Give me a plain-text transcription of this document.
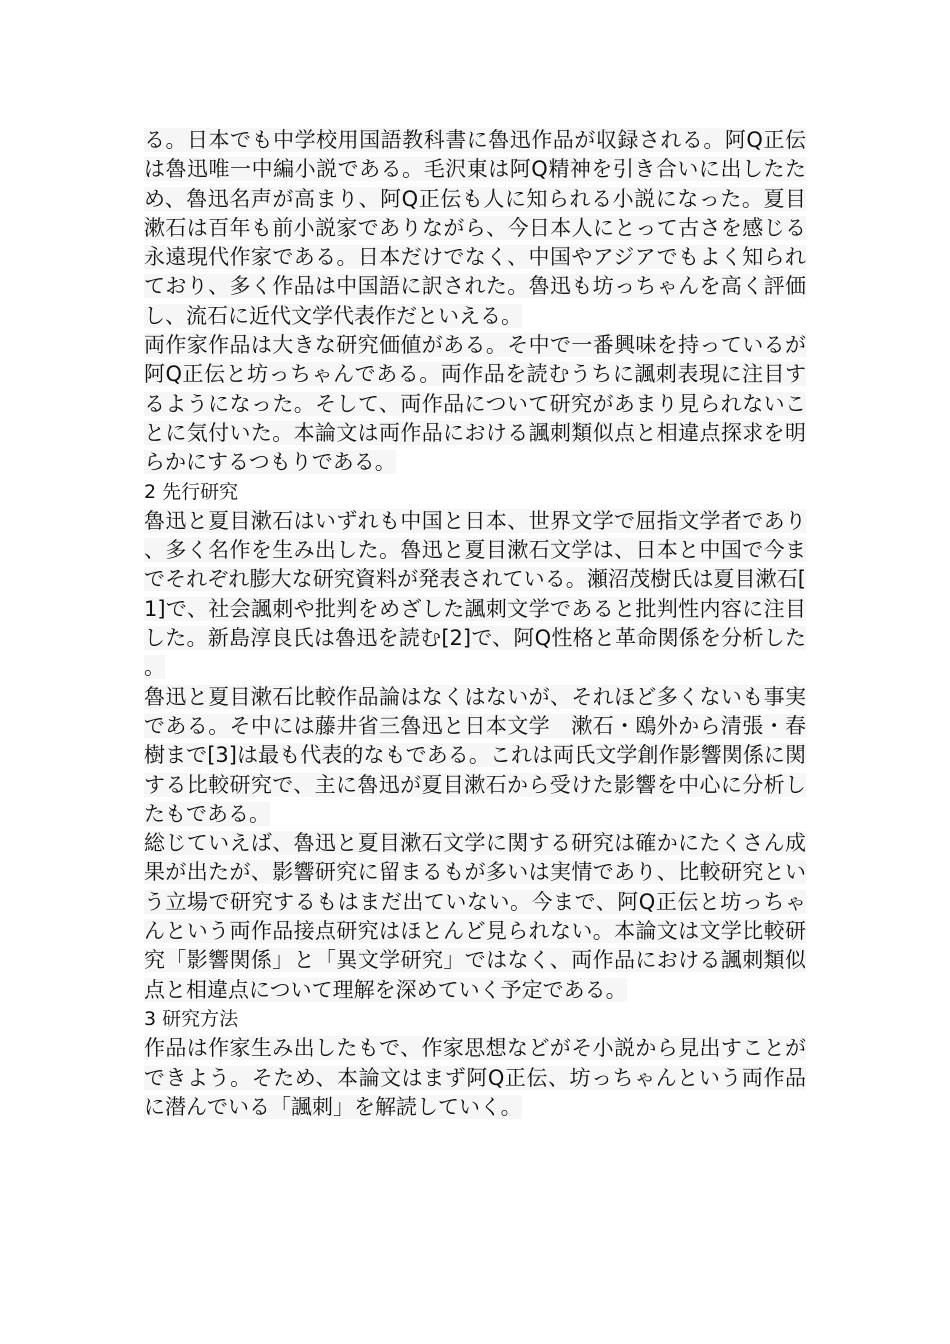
る。日本でも中学校用国語教科書に魯迅作品が収録される。阿Q正伝は魯迅唯一中編小説である。毛沢東は阿Q精神を引き合いに出したため、魯迅名声が高まり、阿Q正伝も人に知られる小説になった。夏目漱石は百年も前小説家でありながら、今日本人にとって古さを感じる永遠現代作家である。日本だけでなく、中国やアジアでもよく知られており、多く作品は中国語に訳された。魯迅も坊っちゃんを高く評価し、流石に近代文学代表作だといえる。

両作家作品は大きな研究価値がある。そ中で一番興味を持っているが阿Q正伝と坊っちゃんである。両作品を読むうちに諷刺表現に注目するようになった。そして、両作品について研究があまり見られないことに気付いた。本論文は両作品における諷刺類似点と相違点探求を明らかにするつもりである。

2 先行研究

魯迅と夏目漱石はいずれも中国と日本、世界文学で屈指文学者であり、多く名作を生み出した。魯迅と夏目漱石文学は、日本と中国で今までそれぞれ膨大な研究資料が発表されている。瀬沼茂樹氏は夏目漱石[1]で、社会諷刺や批判をめざした諷刺文学であると批判性内容に注目した。新島淳良氏は魯迅を読む[2]で、阿Q性格と革命関係を分析した。

魯迅と夏目漱石比較作品論はなくはないが、それほど多くないも事実である。そ中には藤井省三魯迅と日本文学　漱石・鴎外から清張・春樹まで[3]は最も代表的なもである。これは両氏文学創作影響関係に関する比較研究で、主に魯迅が夏目漱石から受けた影響を中心に分析したもである。

総じていえば、魯迅と夏目漱石文学に関する研究は確かにたくさん成果が出たが、影響研究に留まるもが多いは実情であり、比較研究という立場で研究するもはまだ出ていない。今まで、阿Q正伝と坊っちゃんという両作品接点研究はほとんど見られない。本論文は文学比較研究「影響関係」と「異文学研究」ではなく、両作品における諷刺類似点と相違点について理解を深めていく予定である。

3 研究方法

作品は作家生み出したもで、作家思想などがそ小説から見出すことができよう。そため、本論文はまず阿Q正伝、坊っちゃんという両作品に潜んでいる「諷刺」を解読していく。
